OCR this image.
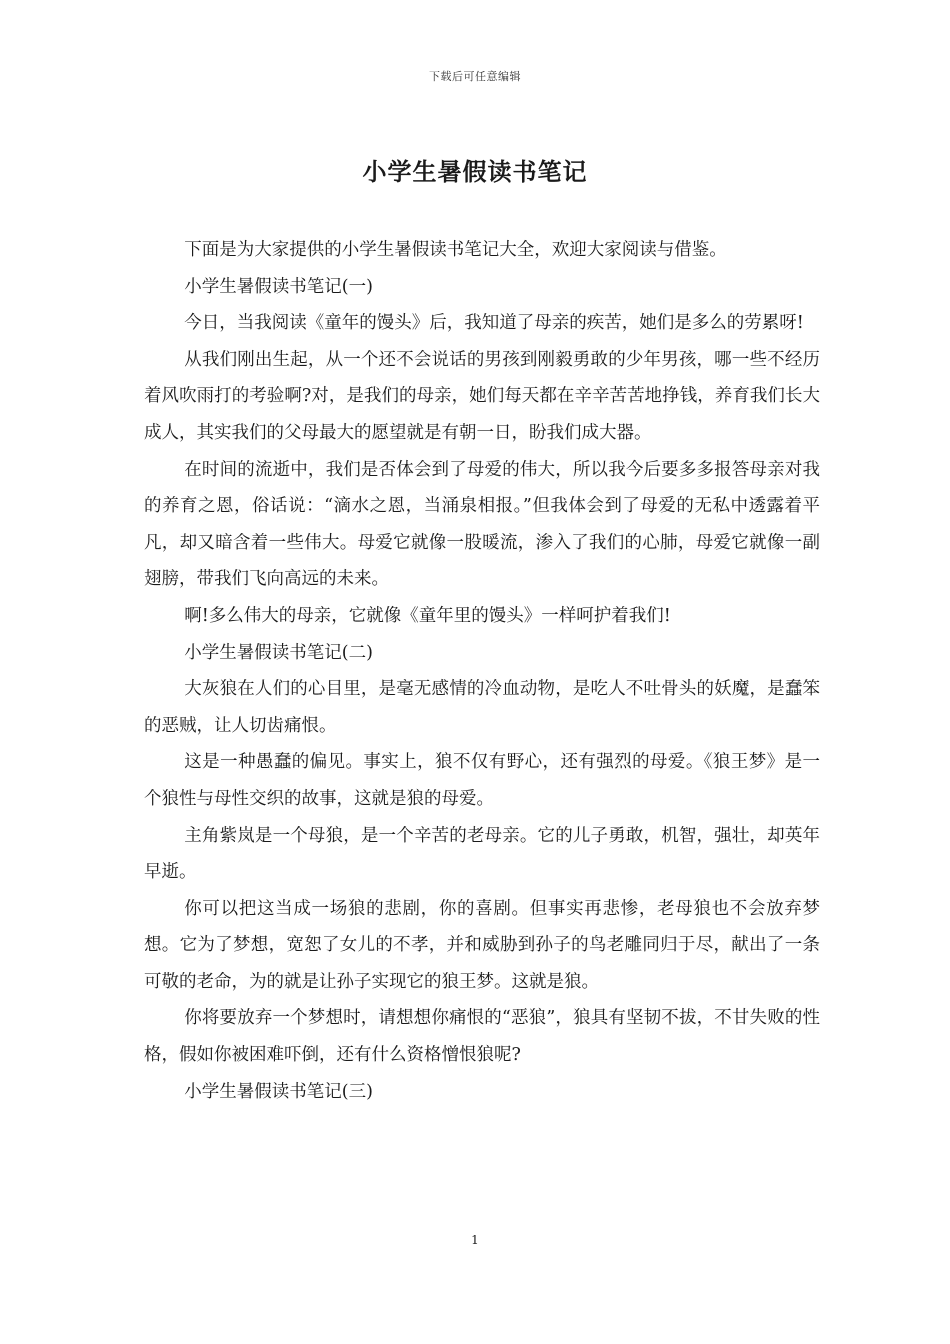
下载后可任意编辑
小学生暑假读书笔记

下面是为大家提供的小学生暑假读书笔记大全，欢迎大家阅读与借鉴。

小学生暑假读书笔记(一)

今日，当我阅读《童年的馒头》后，我知道了母亲的疾苦，她们是多么的劳累呀!

从我们刚出生起，从一个还不会说话的男孩到刚毅勇敢的少年男孩，哪一些不经历着风吹雨打的考验啊?对，是我们的母亲，她们每天都在辛辛苦苦地挣钱，养育我们长大成人，其实我们的父母最大的愿望就是有朝一日，盼我们成大器。

在时间的流逝中，我们是否体会到了母爱的伟大，所以我今后要多多报答母亲对我的养育之恩，俗话说：“滴水之恩，当涌泉相报。”但我体会到了母爱的无私中透露着平凡，却又暗含着一些伟大。母爱它就像一股暖流，渗入了我们的心肺，母爱它就像一副翅膀，带我们飞向高远的未来。

啊!多么伟大的母亲，它就像《童年里的馒头》一样呵护着我们!

小学生暑假读书笔记(二)

大灰狼在人们的心目里，是毫无感情的冷血动物，是吃人不吐骨头的妖魔，是蠢笨的恶贼，让人切齿痛恨。

这是一种愚蠢的偏见。事实上，狼不仅有野心，还有强烈的母爱。《狼王梦》是一个狼性与母性交织的故事，这就是狼的母爱。

主角紫岚是一个母狼，是一个辛苦的老母亲。它的儿子勇敢，机智，强壮，却英年早逝。

你可以把这当成一场狼的悲剧，你的喜剧。但事实再悲惨，老母狼也不会放弃梦想。它为了梦想，宽恕了女儿的不孝，并和威胁到孙子的鸟老雕同归于尽，献出了一条可敬的老命，为的就是让孙子实现它的狼王梦。这就是狼。

你将要放弃一个梦想时，请想想你痛恨的“恶狼”，狼具有坚韧不拔，不甘失败的性格，假如你被困难吓倒，还有什么资格憎恨狼呢?

小学生暑假读书笔记(三)

1
